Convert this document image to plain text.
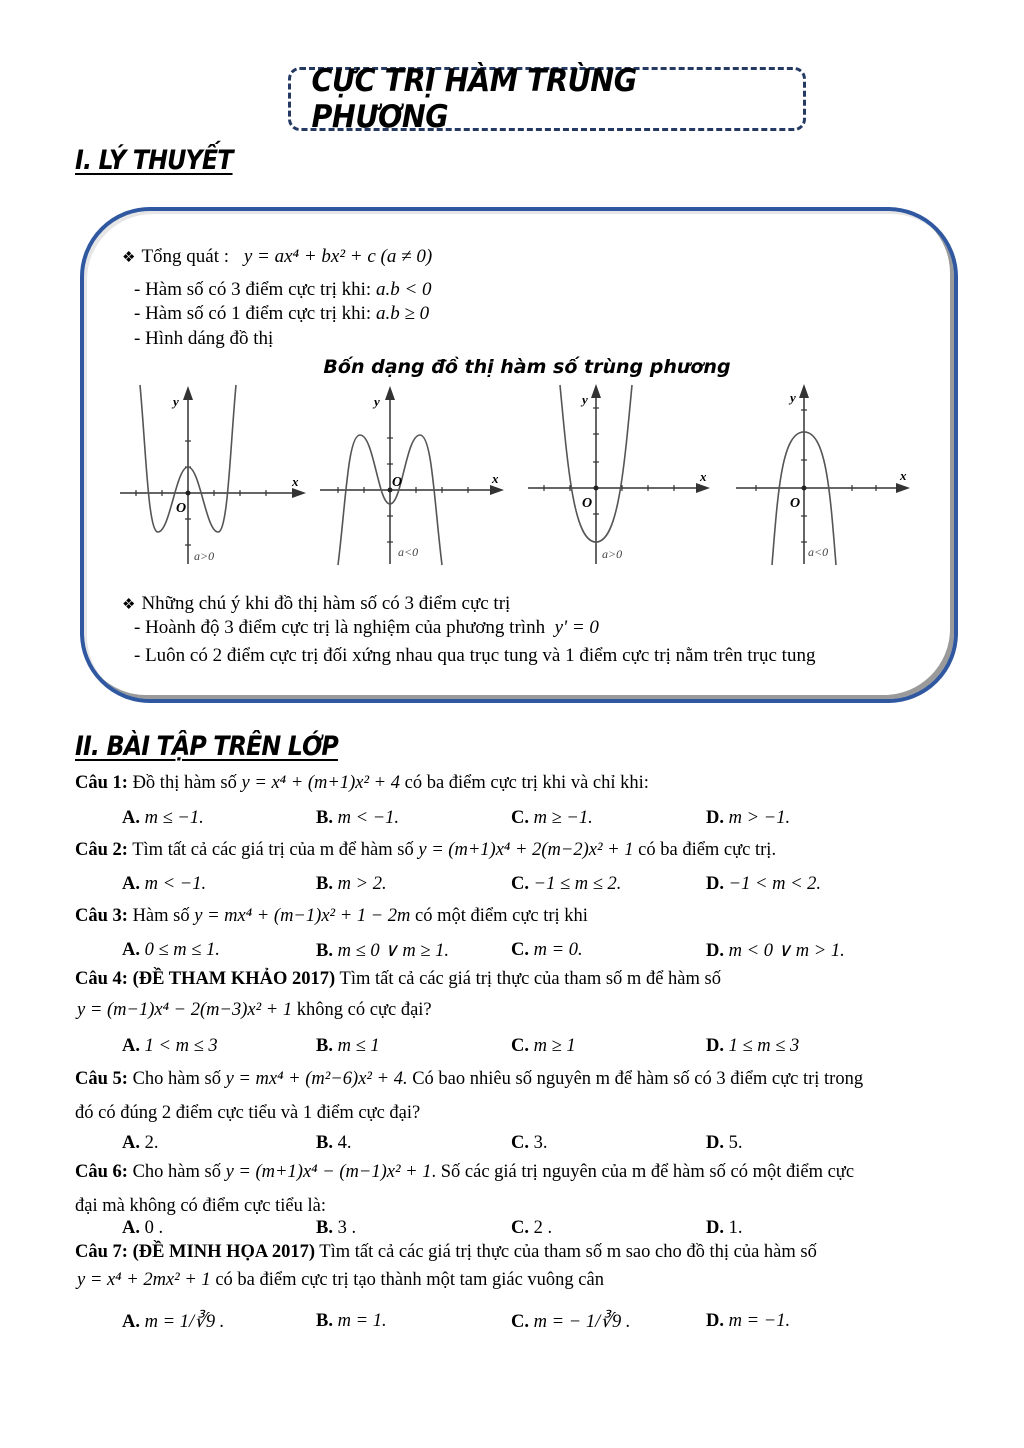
CỰC TRỊ HÀM TRÙNG PHƯƠNG
I. LÝ THUYẾT
❖ Tổng quát : y = ax⁴ + bx² + c (a ≠ 0)
- Hàm số có 3 điểm cực trị khi: a.b < 0
- Hàm số có 1 điểm cực trị khi: a.b ≥ 0
- Hình dáng đồ thị
Bốn dạng đồ thị hàm số trùng phương
y
x
O
a>0
y
x
O
a<0
y
x
O
a>0
y
x
O
a<0
❖ Những chú ý khi đồ thị hàm số có 3 điểm cực trị
- Hoành độ 3 điểm cực trị là nghiệm của phương trình y' = 0
- Luôn có 2 điểm cực trị đối xứng nhau qua trục tung và 1 điểm cực trị nằm trên trục tung
II. BÀI TẬP TRÊN LỚP
Câu 1: Đồ thị hàm số y = x⁴ + (m+1)x² + 4 có ba điểm cực trị khi và chỉ khi:
A. m ≤ −1.	B. m < −1.	C. m ≥ −1.	D. m > −1.
Câu 2: Tìm tất cả các giá trị của m để hàm số y = (m+1)x⁴ + 2(m−2)x² + 1 có ba điểm cực trị.
A. m < −1.	B. m > 2.	C. −1 ≤ m ≤ 2.	D. −1 < m < 2.
Câu 3: Hàm số y = mx⁴ + (m−1)x² + 1 − 2m có một điểm cực trị khi
A. 0 ≤ m ≤ 1.	B. m ≤ 0 ∨ m ≥ 1.	C. m = 0.	D. m < 0 ∨ m > 1.
Câu 4: (ĐỀ THAM KHẢO 2017) Tìm tất cả các giá trị thực của tham số m để hàm số
y = (m−1)x⁴ − 2(m−3)x² + 1 không có cực đại?
A. 1 < m ≤ 3	B. m ≤ 1	C. m ≥ 1	D. 1 ≤ m ≤ 3
Câu 5: Cho hàm số y = mx⁴ + (m²−6)x² + 4. Có bao nhiêu số nguyên m để hàm số có 3 điểm cực trị trong
đó có đúng 2 điểm cực tiểu và 1 điểm cực đại?
A. 2.	B. 4.	C. 3.	D. 5.
Câu 6: Cho hàm số y = (m+1)x⁴ − (m−1)x² + 1. Số các giá trị nguyên của m để hàm số có một điểm cực
đại mà không có điểm cực tiểu là:
A. 0 .	B. 3 .	C. 2 .	D. 1.
Câu 7: (ĐỀ MINH HỌA 2017) Tìm tất cả các giá trị thực của tham số m sao cho đồ thị của hàm số
y = x⁴ + 2mx² + 1 có ba điểm cực trị tạo thành một tam giác vuông cân
A. m = 1/∛9 .	B. m = 1.	C. m = − 1/∛9 .	D. m = −1.
